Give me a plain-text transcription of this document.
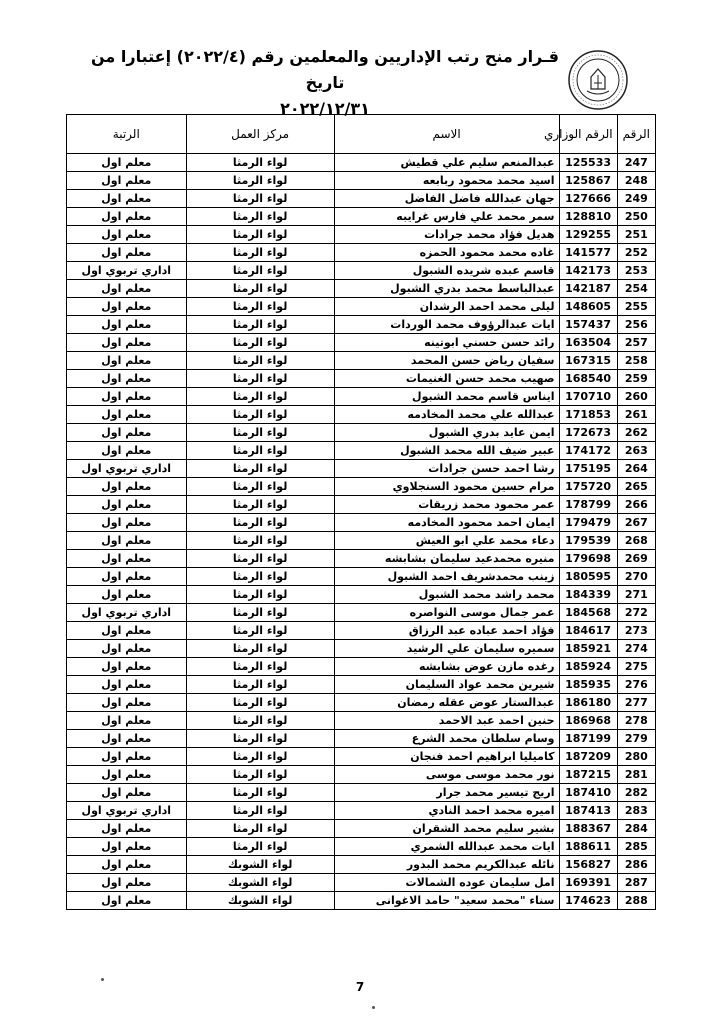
قـرار منح رتب الإداريين والمعلمين رقم (٢٠٢٢/٤) إعتبارا من تاريخ
٢٠٢٢/١٢/٣١
الرقم	الرقم الوزاري	الاسم	مركز العمل	الرتبة
247	125533	عبدالمنعم سليم علي قطيش	لواء الرمثا	معلم اول
248	125867	اسيد محمد محمود ربابعه	لواء الرمثا	معلم اول
249	127666	جهان عبدالله فاضل الفاضل	لواء الرمثا	معلم اول
250	128810	سمر محمد علي فارس غرايبه	لواء الرمثا	معلم اول
251	129255	هديل فؤاد محمد جرادات	لواء الرمثا	معلم اول
252	141577	غاده محمد محمود الحمزه	لواء الرمثا	معلم اول
253	142173	قاسم عبده شريده الشبول	لواء الرمثا	اداري تربوي اول
254	142187	عبدالباسط محمد بدري الشبول	لواء الرمثا	معلم اول
255	148605	ليلى محمد احمد الرشدان	لواء الرمثا	معلم اول
256	157437	ايات عبدالرؤوف محمد الوردات	لواء الرمثا	معلم اول
257	163504	رائد حسن حسني ابوتينه	لواء الرمثا	معلم اول
258	167315	سفيان رياض حسن المحمد	لواء الرمثا	معلم اول
259	168540	صهيب محمد حسن الغنيمات	لواء الرمثا	معلم اول
260	170710	ايناس قاسم محمد الشبول	لواء الرمثا	معلم اول
261	171853	عبدالله علي محمد المخادمه	لواء الرمثا	معلم اول
262	172673	ايمن عايد بدري الشبول	لواء الرمثا	معلم اول
263	174172	عبير ضيف الله محمد الشبول	لواء الرمثا	معلم اول
264	175195	رشا احمد حسن جرادات	لواء الرمثا	اداري تربوي اول
265	175720	مرام حسين محمود السنجلاوي	لواء الرمثا	معلم اول
266	178799	عمر محمود محمد زريقات	لواء الرمثا	معلم اول
267	179479	ايمان احمد محمود المخادمه	لواء الرمثا	معلم اول
268	179539	دعاء محمد علي ابو العيش	لواء الرمثا	معلم اول
269	179698	منيره محمدعيد سليمان بشابشه	لواء الرمثا	معلم اول
270	180595	زينب محمدشريف احمد الشبول	لواء الرمثا	معلم اول
271	184339	محمد راشد محمد الشبول	لواء الرمثا	معلم اول
272	184568	عمر جمال موسى النواصره	لواء الرمثا	اداري تربوي اول
273	184617	فؤاد احمد عباده عبد الرزاق	لواء الرمثا	معلم اول
274	185921	سميره سليمان علي الرشيد	لواء الرمثا	معلم اول
275	185924	رغده مازن عوض بشابشه	لواء الرمثا	معلم اول
276	185935	شيرين محمد عواد السليمان	لواء الرمثا	معلم اول
277	186180	عبدالستار عوض عقله رمضان	لواء الرمثا	معلم اول
278	186968	حنين احمد عبد الاحمد	لواء الرمثا	معلم اول
279	187199	وسام سلطان محمد الشرع	لواء الرمثا	معلم اول
280	187209	كاميليا ابراهيم احمد فنجان	لواء الرمثا	معلم اول
281	187215	نور محمد موسى موسى	لواء الرمثا	معلم اول
282	187410	اريج تيسير محمد جرار	لواء الرمثا	معلم اول
283	187413	اميره محمد احمد النادي	لواء الرمثا	اداري تربوي اول
284	188367	بشير سليم محمد الشقران	لواء الرمثا	معلم اول
285	188611	ايات محمد عبدالله الشمري	لواء الرمثا	معلم اول
286	156827	نائله عبدالكريم محمد البدور	لواء الشوبك	معلم اول
287	169391	امل سليمان عوده الشمالات	لواء الشوبك	معلم اول
288	174623	سناء "محمد سعيد" حامد الاغوانى	لواء الشوبك	معلم اول
7
